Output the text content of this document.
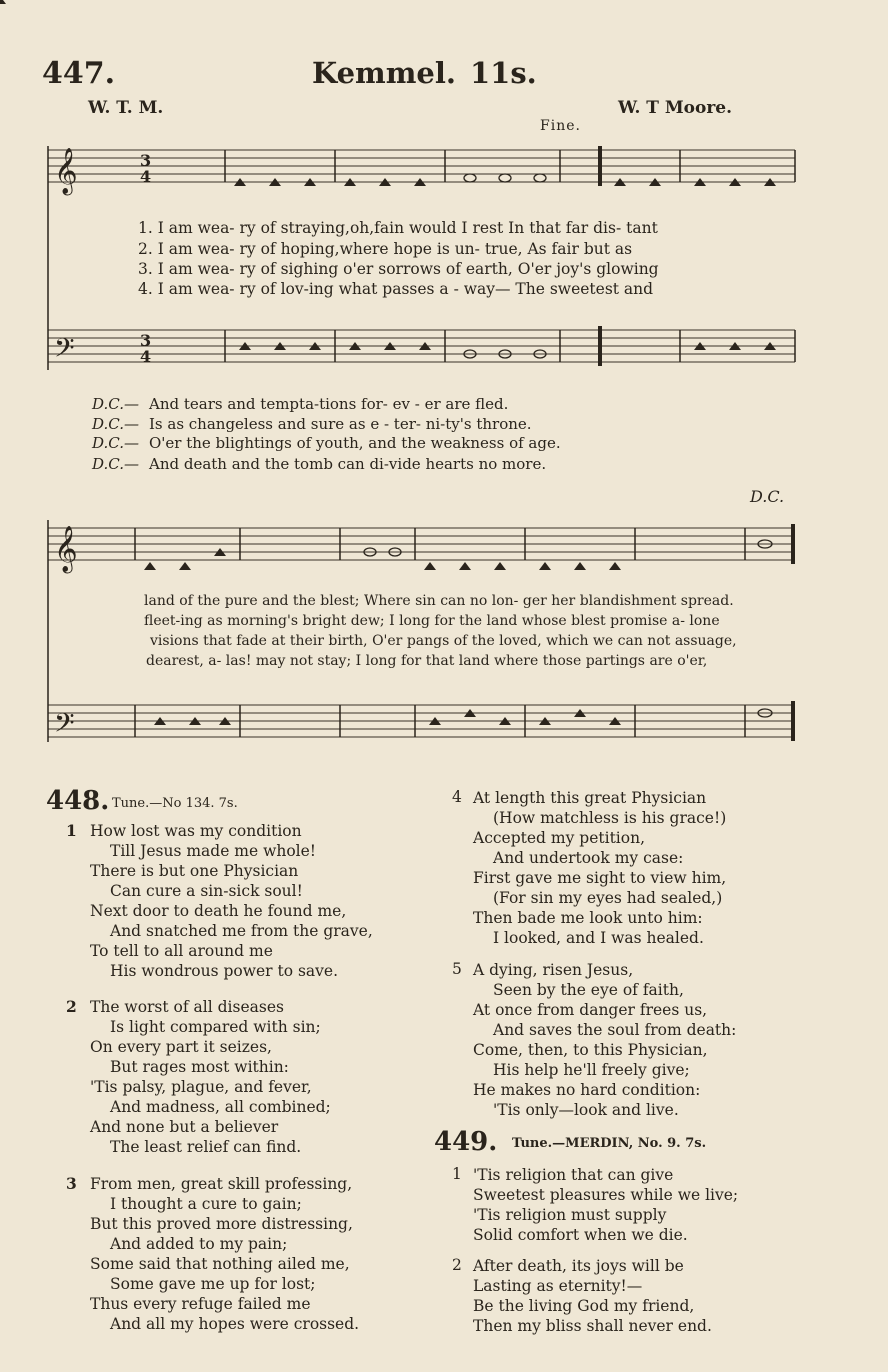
447.	Kemmel. 11s.
W. T. M.	W. T Moore.
Fine.
𝄞	3
4
𝄢	3
4
𝄞
𝄢
1. I am wea- ry of straying,oh,fain would I rest In that far dis- tant
2. I am wea- ry of hoping,where hope is un- true, As fair but as
3. I am wea- ry of sighing o'er sorrows of earth, O'er joy's glowing
4. I am wea- ry of lov-ing what passes a - way— The sweetest and
D.C.— And tears and tempta-tions for- ev - er are fled.
D.C.— Is as changeless and sure as e - ter- ni-ty's throne.
D.C.— O'er the blightings of youth, and the weakness of age.
D.C.— And death and the tomb can di-vide hearts no more.
D.C.
land of the pure and the blest; Where sin can no lon- ger her blandishment spread.
fleet-ing as morning's bright dew; I long for the land whose blest promise a- lone
visions that fade at their birth, O'er pangs of the loved, which we can not assuage,
dearest, a- las! may not stay; I long for that land where those partings are o'er,
448. Tune.—No 134. 7s.
1 How lost was my condition
Till Jesus made me whole!
There is but one Physician
Can cure a sin-sick soul!
Next door to death he found me,
And snatched me from the grave,
To tell to all around me
His wondrous power to save.
2 The worst of all diseases
Is light compared with sin;
On every part it seizes,
But rages most within:
'Tis palsy, plague, and fever,
And madness, all combined;
And none but a believer
The least relief can find.
3 From men, great skill professing,
I thought a cure to gain;
But this proved more distressing,
And added to my pain;
Some said that nothing ailed me,
Some gave me up for lost;
Thus every refuge failed me
And all my hopes were crossed.
4 At length this great Physician
(How matchless is his grace!)
Accepted my petition,
And undertook my case:
First gave me sight to view him,
(For sin my eyes had sealed,)
Then bade me look unto him:
I looked, and I was healed.
5 A dying, risen Jesus,
Seen by the eye of faith,
At once from danger frees us,
And saves the soul from death:
Come, then, to this Physician,
His help he'll freely give;
He makes no hard condition:
'Tis only—look and live.
449. Tune.—MERDIN, No. 9. 7s.
1 'Tis religion that can give
Sweetest pleasures while we live;
'Tis religion must supply
Solid comfort when we die.
2 After death, its joys will be
Lasting as eternity!—
Be the living God my friend,
Then my bliss shall never end.
